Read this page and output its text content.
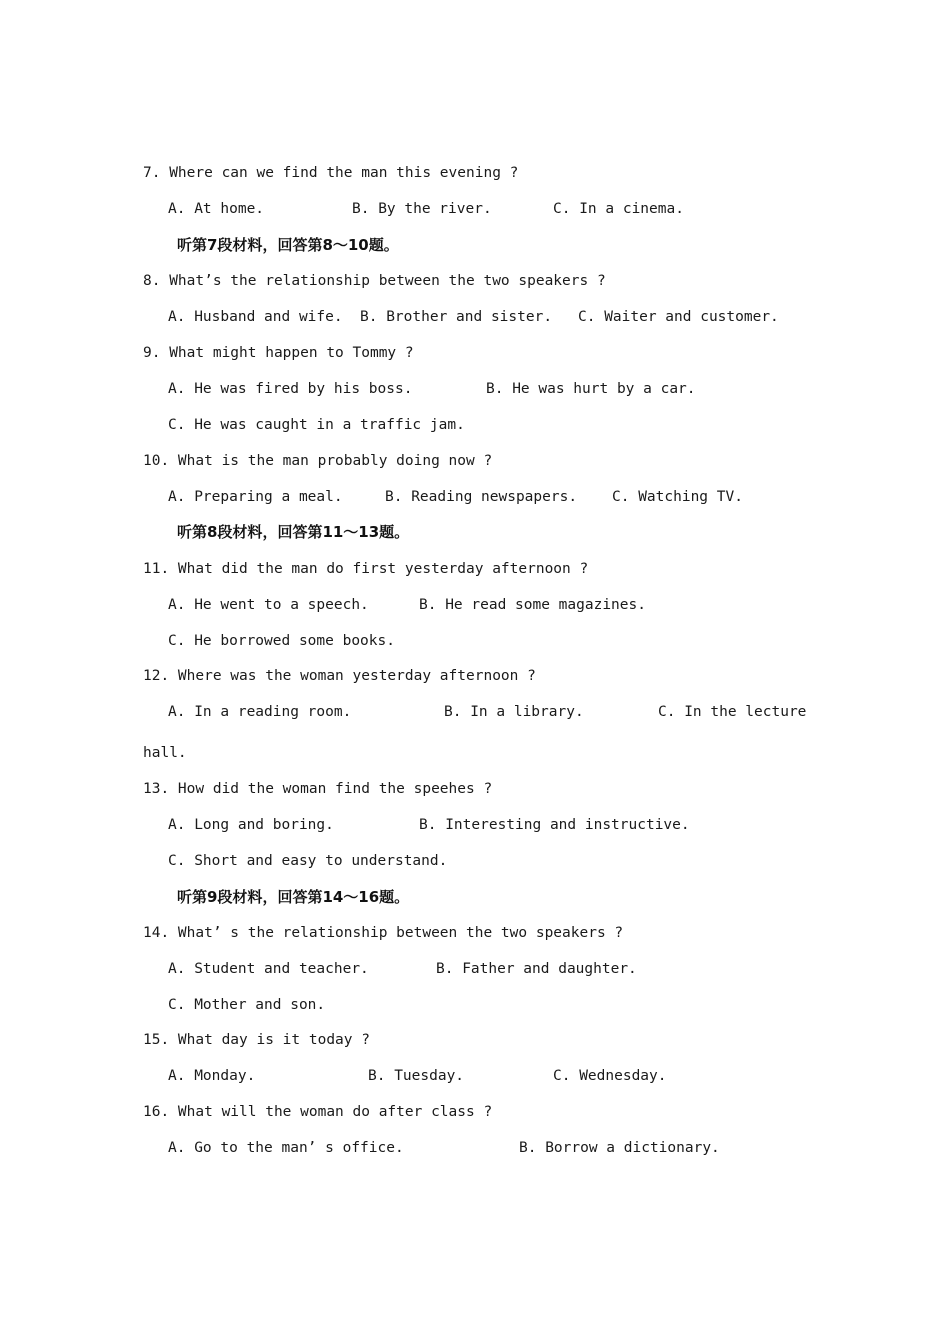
7. Where can we find the man this evening ?
A. At home.	B. By the river.	C. In a cinema.
听第7段材料，回答第8～10题。
8. What’s the relationship between the two speakers ?
A. Husband and wife. B. Brother and sister. C. Waiter and customer.
9. What might happen to Tommy ?
A. He was fired by his boss.	B. He was hurt by a car.
C. He was caught in a traffic jam.
10. What is the man probably doing now ?
A. Preparing a meal.	B. Reading newspapers. C. Watching TV.
听第8段材料，回答第11～13题。
11. What did the man do first yesterday afternoon ?
A. He went to a speech.	B. He read some magazines.
C. He borrowed some books.
12. Where was the woman yesterday afternoon ?
A. In a reading room.	B. In a library.	C. In the lecture
hall.
13. How did the woman find the speehes ?
A. Long and boring.	B. Interesting and instructive.
C. Short and easy to understand.
听第9段材料，回答第14～16题。
14. What’ s the relationship between the two speakers ?
A. Student and teacher.	B. Father and daughter.
C. Mother and son.
15. What day is it today ?
A. Monday.	B. Tuesday.	C. Wednesday.
16. What will the woman do after class ?
A. Go to the man’ s office.	B. Borrow a dictionary.
